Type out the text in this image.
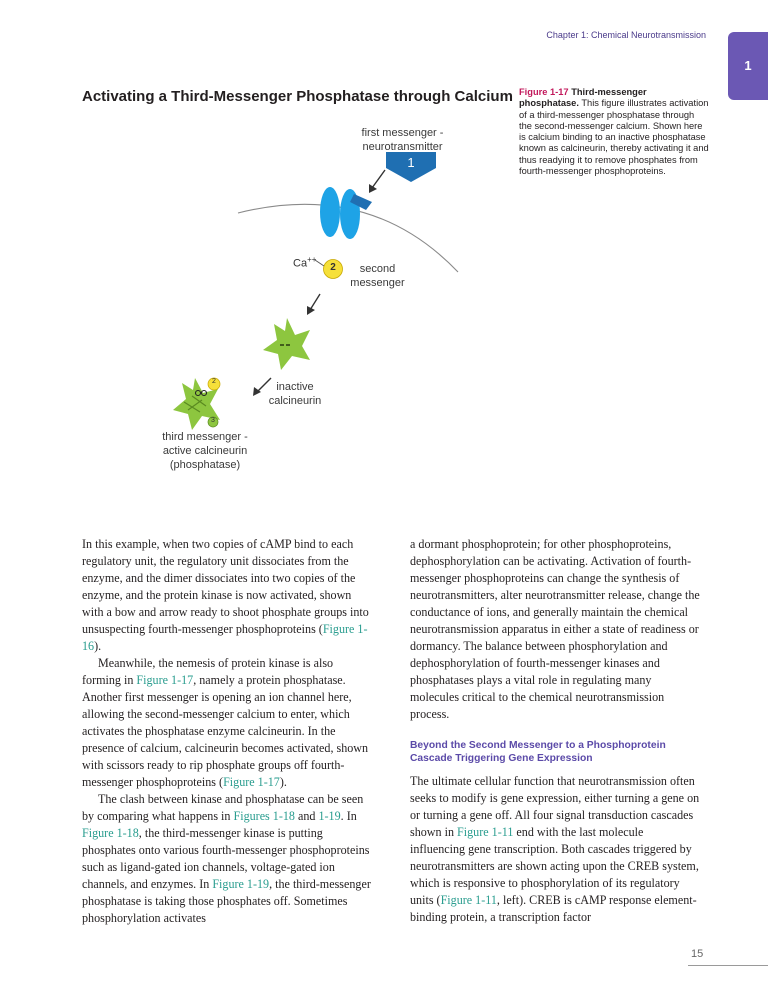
Chapter 1: Chemical Neurotransmission
1
Activating a Third-Messenger Phosphatase through Calcium Figure 1-17 Third-messenger phosphatase. This figure illustrates activation of a third-messenger phosphatase through the second-messenger calcium. Shown here is calcium binding to an inactive phosphatase known as calcineurin, thereby activating it and thus readying it to remove phosphates from fourth-messenger phosphoproteins.
first messenger -
neurotransmitter
1
Ca++
2	second
messenger
inactive
calcineurin
2
3
third messenger -
active calcineurin
(phosphatase)

In this example, when two copies of cAMP bind to each regulatory unit, the regulatory unit dissociates from the enzyme, and the dimer dissociates into two copies of the enzyme, and the protein kinase is now activated, shown with a bow and arrow ready to shoot phosphate groups into unsuspecting fourth-messenger phosphoproteins (Figure 1-16).

Meanwhile, the nemesis of protein kinase is also forming in Figure 1-17, namely a protein phosphatase. Another first messenger is opening an ion channel here, allowing the second-messenger calcium to enter, which activates the phosphatase enzyme calcineurin. In the presence of calcium, calcineurin becomes activated, shown with scissors ready to rip phosphate groups off fourth-messenger phosphoproteins (Figure 1-17).

The clash between kinase and phosphatase can be seen by comparing what happens in Figures 1-18 and 1-19. In Figure 1-18, the third-messenger kinase is putting phosphates onto various fourth-messenger phosphoproteins such as ligand-gated ion channels, voltage-gated ion channels, and enzymes. In Figure 1-19, the third-messenger phosphatase is taking those phosphates off. Sometimes phosphorylation activates

a dormant phosphoprotein; for other phosphoproteins, dephosphorylation can be activating. Activation of fourth-messenger phosphoproteins can change the synthesis of neurotransmitters, alter neurotransmitter release, change the conductance of ions, and generally maintain the chemical neurotransmission apparatus in either a state of readiness or dormancy. The balance between phosphorylation and dephosphorylation of fourth-messenger kinases and phosphatases plays a vital role in regulating many molecules critical to the chemical neurotransmission process.

Beyond the Second Messenger to a Phosphoprotein Cascade Triggering Gene Expression

The ultimate cellular function that neurotransmission often seeks to modify is gene expression, either turning a gene on or turning a gene off. All four signal transduction cascades shown in Figure 1-11 end with the last molecule influencing gene transcription. Both cascades triggered by neurotransmitters are shown acting upon the CREB system, which is responsive to phosphorylation of its regulatory units (Figure 1-11, left). CREB is cAMP response element-binding protein, a transcription factor

15
